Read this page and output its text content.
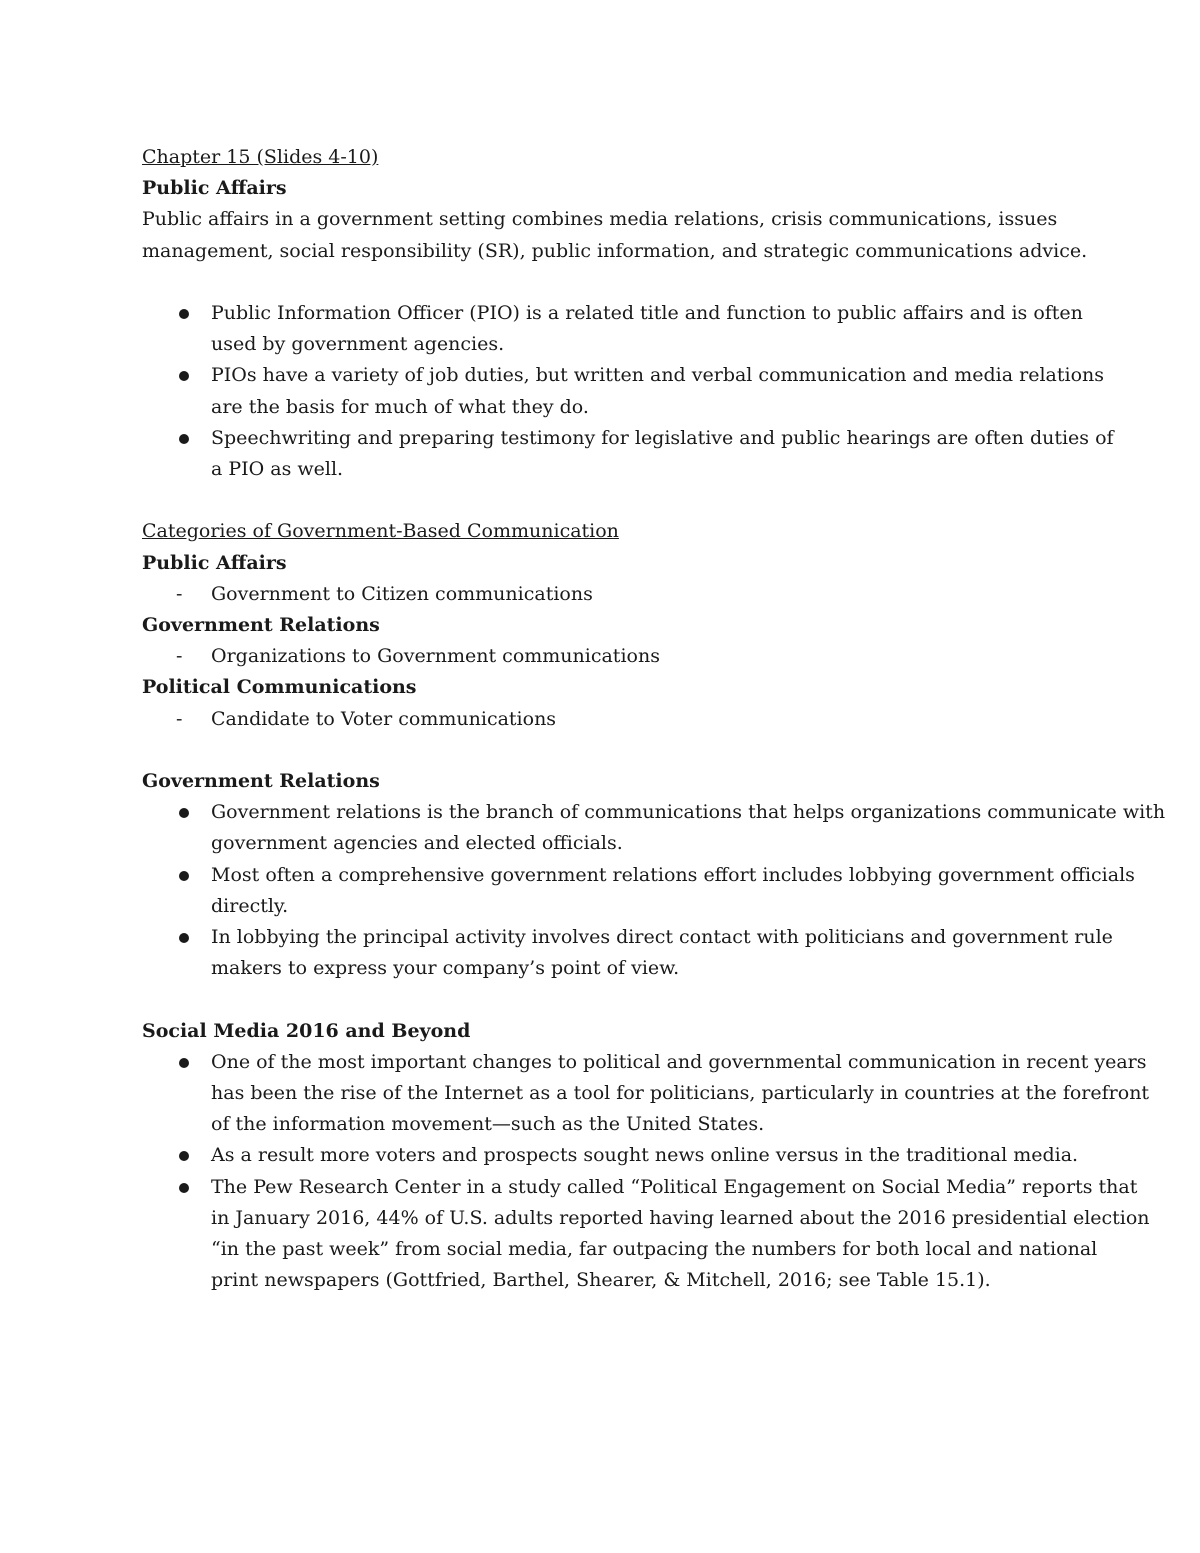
Chapter 15 (Slides 4-10)
Public Affairs
Public affairs in a government setting combines media relations, crisis communications, issues
management, social responsibility (SR), public information, and strategic communications advice.
Public Information Officer (PIO) is a related title and function to public affairs and is often
used by government agencies.
PIOs have a variety of job duties, but written and verbal communication and media relations
are the basis for much of what they do.
Speechwriting and preparing testimony for legislative and public hearings are often duties of
a PIO as well.
Categories of Government-Based Communication
Public Affairs
- Government to Citizen communications
Government Relations
- Organizations to Government communications
Political Communications
- Candidate to Voter communications
Government Relations
Government relations is the branch of communications that helps organizations communicate with
government agencies and elected officials.
Most often a comprehensive government relations effort includes lobbying government officials directly.
In lobbying the principal activity involves direct contact with politicians and government rule
makers to express your company’s point of view.
Social Media 2016 and Beyond
One of the most important changes to political and governmental communication in recent years
has been the rise of the Internet as a tool for politicians, particularly in countries at the forefront
of the information movement—such as the United States.
As a result more voters and prospects sought news online versus in the traditional media.
The Pew Research Center in a study called “Political Engagement on Social Media” reports that
in January 2016, 44% of U.S. adults reported having learned about the 2016 presidential election
“in the past week” from social media, far outpacing the numbers for both local and national
print newspapers (Gottfried, Barthel, Shearer, & Mitchell, 2016; see Table 15.1).
